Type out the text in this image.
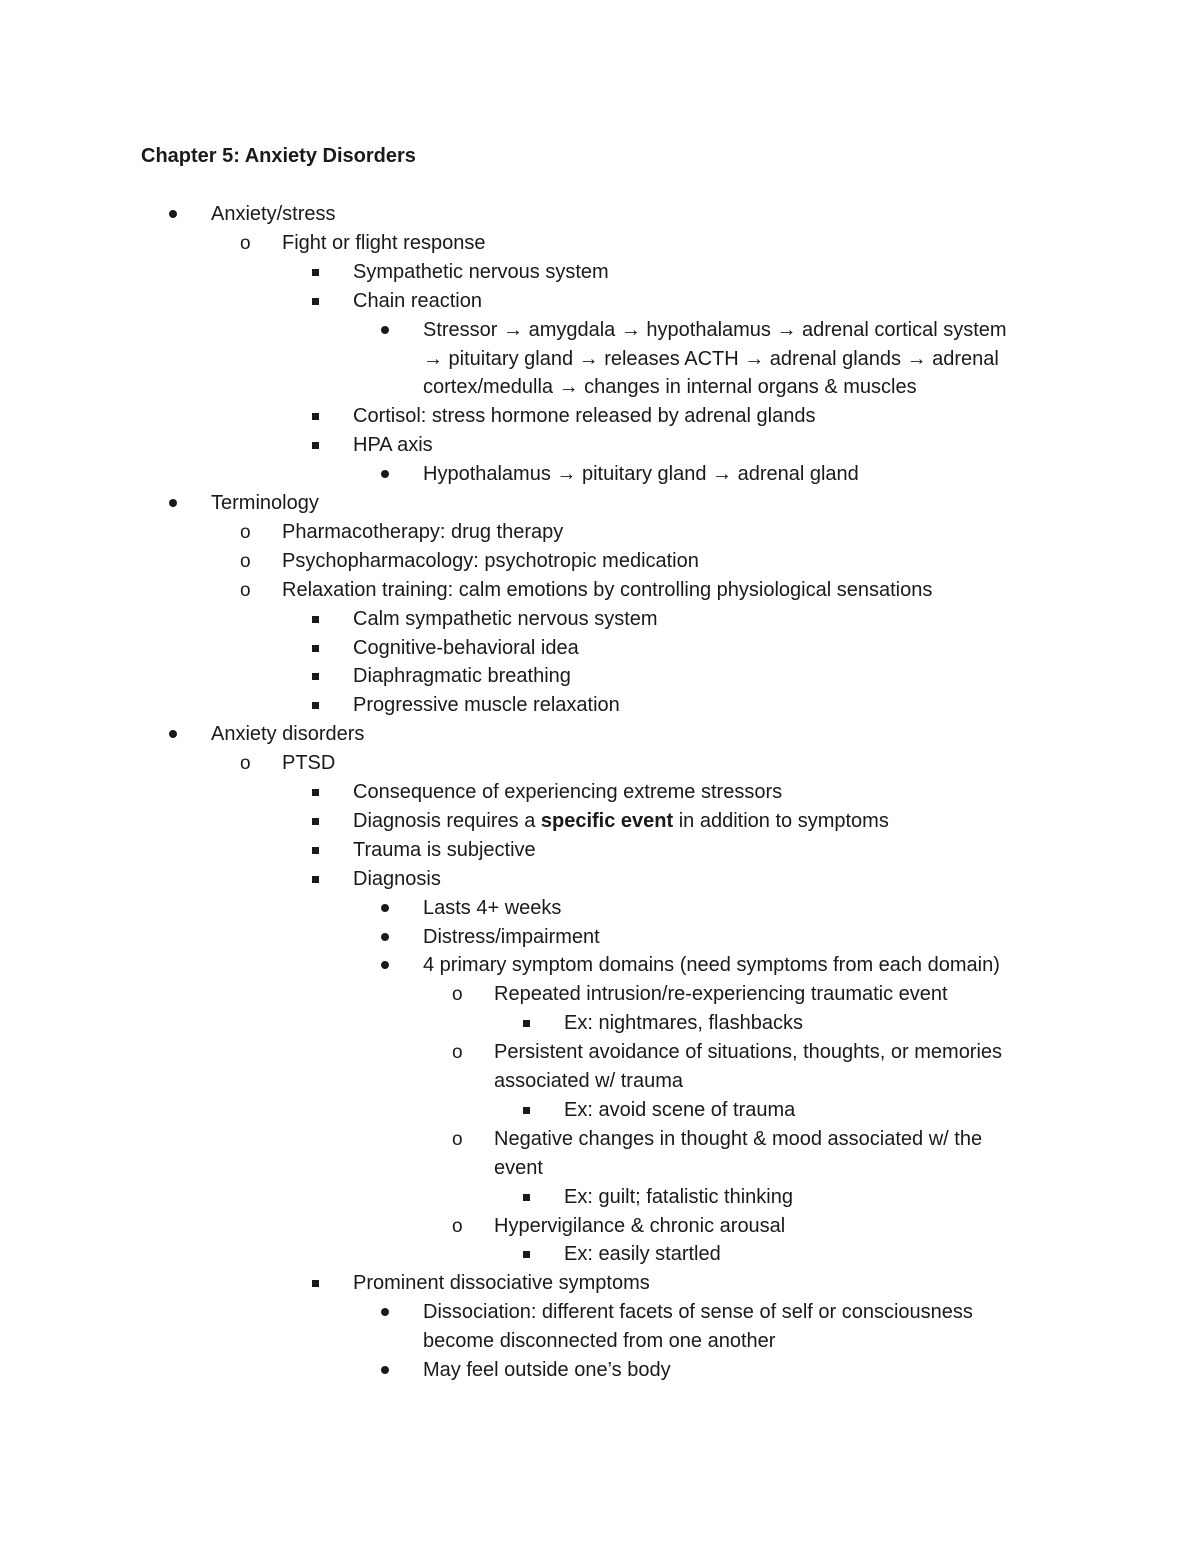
Chapter 5: Anxiety Disorders
Anxiety/stress
Fight or flight response
Sympathetic nervous system
Chain reaction
Stressor → amygdala → hypothalamus → adrenal cortical system
→ pituitary gland → releases ACTH → adrenal glands → adrenal
cortex/medulla → changes in internal organs & muscles
Cortisol: stress hormone released by adrenal glands
HPA axis
Hypothalamus → pituitary gland → adrenal gland
Terminology
Pharmacotherapy: drug therapy
Psychopharmacology: psychotropic medication
Relaxation training: calm emotions by controlling physiological sensations
Calm sympathetic nervous system
Cognitive-behavioral idea
Diaphragmatic breathing
Progressive muscle relaxation
Anxiety disorders
PTSD
Consequence of experiencing extreme stressors
Diagnosis requires a specific event in addition to symptoms
Trauma is subjective
Diagnosis
Lasts 4+ weeks
Distress/impairment
4 primary symptom domains (need symptoms from each domain)
Repeated intrusion/re-experiencing traumatic event
Ex: nightmares, flashbacks
Persistent avoidance of situations, thoughts, or memories
associated w/ trauma
Ex: avoid scene of trauma
Negative changes in thought & mood associated w/ the
event
Ex: guilt; fatalistic thinking
Hypervigilance & chronic arousal
Ex: easily startled
Prominent dissociative symptoms
Dissociation: different facets of sense of self or consciousness
become disconnected from one another
May feel outside one’s body
